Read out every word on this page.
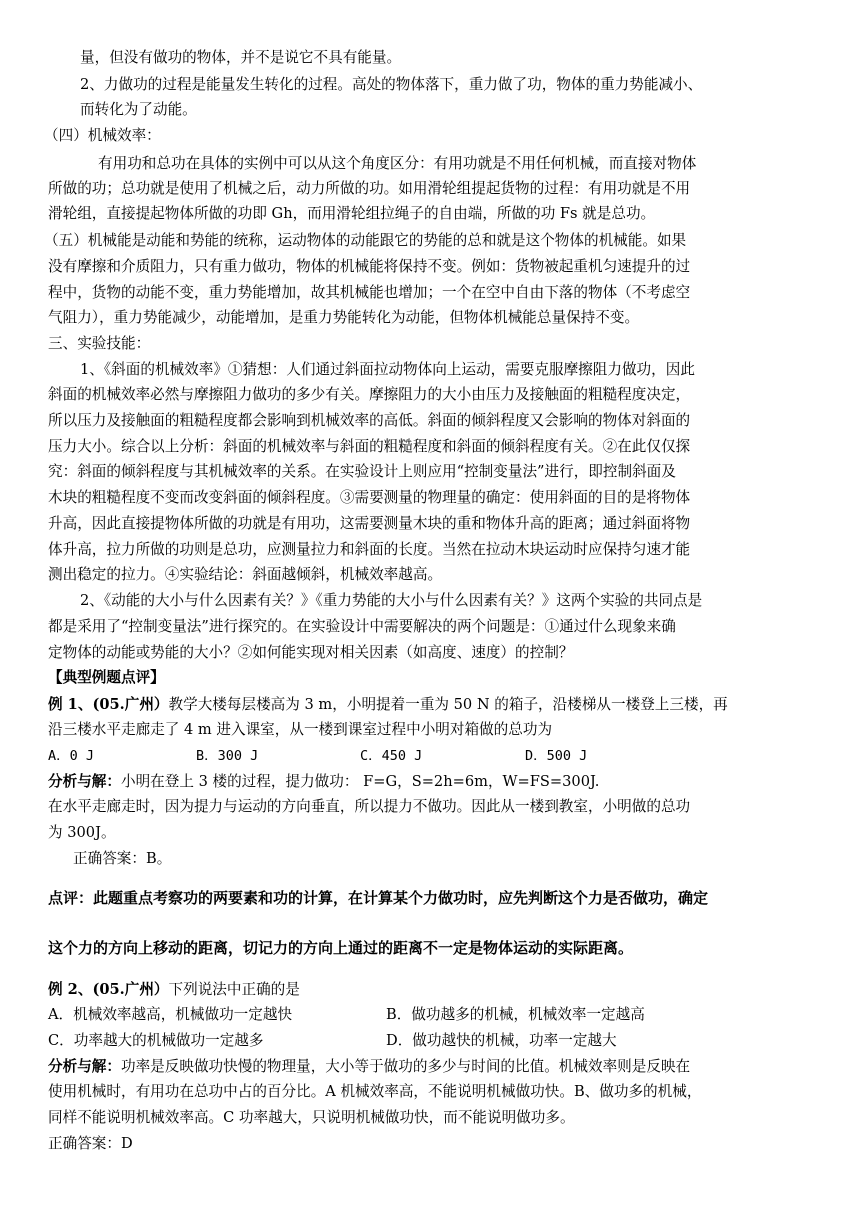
量，但没有做功的物体，并不是说它不具有能量。
2、力做功的过程是能量发生转化的过程。高处的物体落下，重力做了功，物体的重力势能减小、
而转化为了动能。
（四）机械效率：
有用功和总功在具体的实例中可以从这个角度区分：有用功就是不用任何机械，而直接对物体
所做的功；总功就是使用了机械之后，动力所做的功。如用滑轮组提起货物的过程：有用功就是不用
滑轮组，直接提起物体所做的功即 Gh，而用滑轮组拉绳子的自由端，所做的功 Fs 就是总功。
（五）机械能是动能和势能的统称，运动物体的动能跟它的势能的总和就是这个物体的机械能。如果
没有摩擦和介质阻力，只有重力做功，物体的机械能将保持不变。例如：货物被起重机匀速提升的过
程中，货物的动能不变，重力势能增加，故其机械能也增加；一个在空中自由下落的物体（不考虑空
气阻力），重力势能减少，动能增加，是重力势能转化为动能，但物体机械能总量保持不变。
三、实验技能：
1、《斜面的机械效率》①猜想：人们通过斜面拉动物体向上运动，需要克服摩擦阻力做功，因此
斜面的机械效率必然与摩擦阻力做功的多少有关。摩擦阻力的大小由压力及接触面的粗糙程度决定，
所以压力及接触面的粗糙程度都会影响到机械效率的高低。斜面的倾斜程度又会影响的物体对斜面的
压力大小。综合以上分析：斜面的机械效率与斜面的粗糙程度和斜面的倾斜程度有关。②在此仅仅探
究：斜面的倾斜程度与其机械效率的关系。在实验设计上则应用“控制变量法”进行，即控制斜面及
木块的粗糙程度不变而改变斜面的倾斜程度。③需要测量的物理量的确定：使用斜面的目的是将物体
升高，因此直接提物体所做的功就是有用功，这需要测量木块的重和物体升高的距离；通过斜面将物
体升高，拉力所做的功则是总功，应测量拉力和斜面的长度。当然在拉动木块运动时应保持匀速才能
测出稳定的拉力。④实验结论：斜面越倾斜，机械效率越高。
2、《动能的大小与什么因素有关？》《重力势能的大小与什么因素有关？》这两个实验的共同点是
都是采用了“控制变量法”进行探究的。在实验设计中需要解决的两个问题是：①通过什么现象来确
定物体的动能或势能的大小？②如何能实现对相关因素（如高度、速度）的控制？
【典型例题点评】
例 1、(05.广州）教学大楼每层楼高为 3 m，小明提着一重为 50 N 的箱子，沿楼梯从一楼登上三楼，再
沿三楼水平走廊走了 4 m 进入课室，从一楼到课室过程中小明对箱做的总功为
A．0 J	B．300 J	C．450 J	D．500 J
分析与解：小明在登上 3 楼的过程，提力做功： F=G，S=2h=6m，W=FS=300J.
在水平走廊走时，因为提力与运动的方向垂直，所以提力不做功。因此从一楼到教室，小明做的总功
为 300J。
正确答案：B。
点评：此题重点考察功的两要素和功的计算，在计算某个力做功时，应先判断这个力是否做功，确定
这个力的方向上移动的距离，切记力的方向上通过的距离不一定是物体运动的实际距离。
例 2、(05.广州）下列说法中正确的是
A．机械效率越高，机械做功一定越快	B．做功越多的机械，机械效率一定越高
C．功率越大的机械做功一定越多	D．做功越快的机械，功率一定越大
分析与解：功率是反映做功快慢的物理量，大小等于做功的多少与时间的比值。机械效率则是反映在
使用机械时，有用功在总功中占的百分比。A 机械效率高，不能说明机械做功快。B、做功多的机械，
同样不能说明机械效率高。C 功率越大，只说明机械做功快，而不能说明做功多。
正确答案：D
